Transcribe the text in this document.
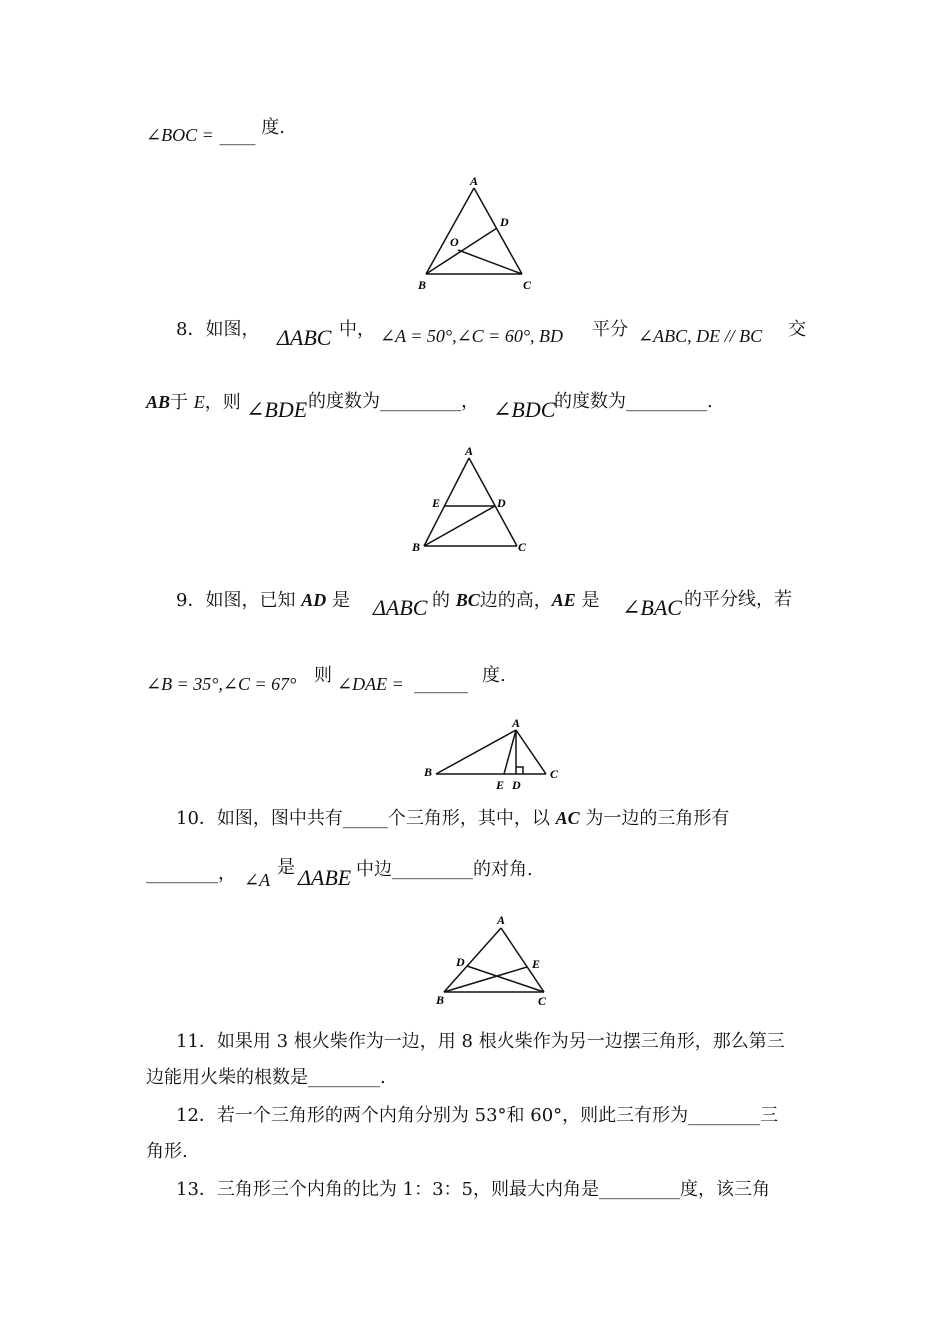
∠BOC = ____ 度.
A
D
O
B	C
8．如图， ΔABC 中， ∠A = 50°,∠C = 60°, BD 平分 ∠ABC, DE // BC 交
AB于 E，则 ∠BDE 的度数为_________， ∠BDC
的度数为_________.
A
E	D
B	C
9．如图，已知 AD 是 ΔABC 的 BC边的高，AE 是 ∠BAC 的平分线，若
∠B = 35°,∠C = 67° 则 ∠DAE = ______ 度.
A
B
E D
C
10．如图，图中共有_____个三角形，其中，以 AC 为一边的三角形有
________， ∠A
是 ΔABE 中边_________的对角.
A
D	E
B	C
11．如果用 3 根火柴作为一边，用 8 根火柴作为另一边摆三角形，那么第三
边能用火柴的根数是________.
12．若一个三角形的两个内角分别为 53°和 60°，则此三有形为________三
角形.
13．三角形三个内角的比为 1：3：5，则最大内角是_________度，该三角
